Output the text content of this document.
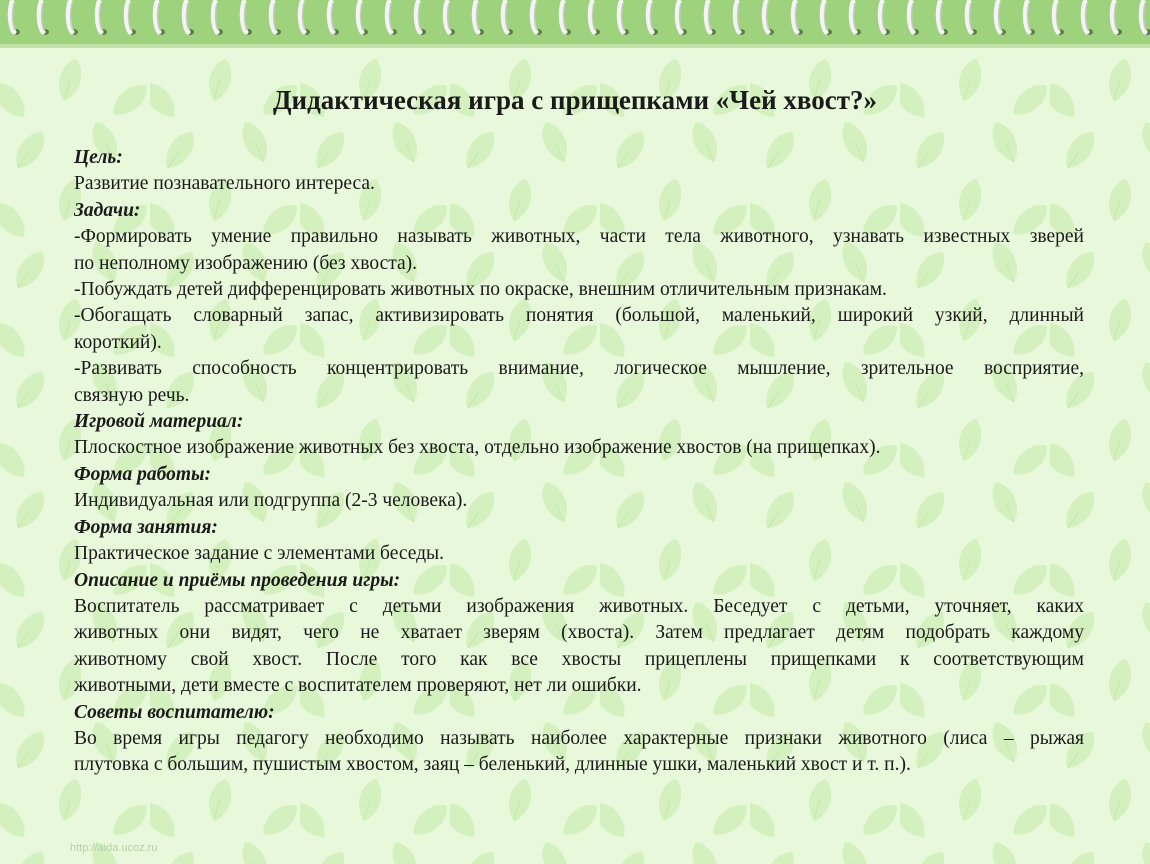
Дидактическая игра с прищепками «Чей хвост?»

Цель:

Развитие познавательного интереса.

Задачи:

-Формировать умение правильно называть животных, части тела животного, узнавать известных зверей

по неполному изображению (без хвоста).

-Побуждать детей дифференцировать животных по окраске, внешним отличительным признакам.

-Обогащать словарный запас, активизировать понятия (большой, маленький, широкий узкий, длинный

короткий).

-Развивать способность концентрировать внимание, логическое мышление, зрительное восприятие,

связную речь.

Игровой материал:

Плоскостное изображение животных без хвоста, отдельно изображение хвостов (на прищепках).

Форма работы:

Индивидуальная или подгруппа (2-3 человека).

Форма занятия:

Практическое задание с элементами беседы.

Описание и приёмы проведения игры:

Воспитатель рассматривает с детьми изображения животных. Беседует с детьми, уточняет, каких

животных они видят, чего не хватает зверям (хвоста). Затем предлагает детям подобрать каждому

животному свой хвост. После того как все хвосты прицеплены прищепками к соответствующим

животными, дети вместе с воспитателем проверяют, нет ли ошибки.

Советы воспитателю:

Во время игры педагогу необходимо называть наиболее характерные признаки животного (лиса – рыжая

плутовка с большим, пушистым хвостом, заяц – беленький, длинные ушки, маленький хвост и т. п.).

http://aida.ucoz.ru
